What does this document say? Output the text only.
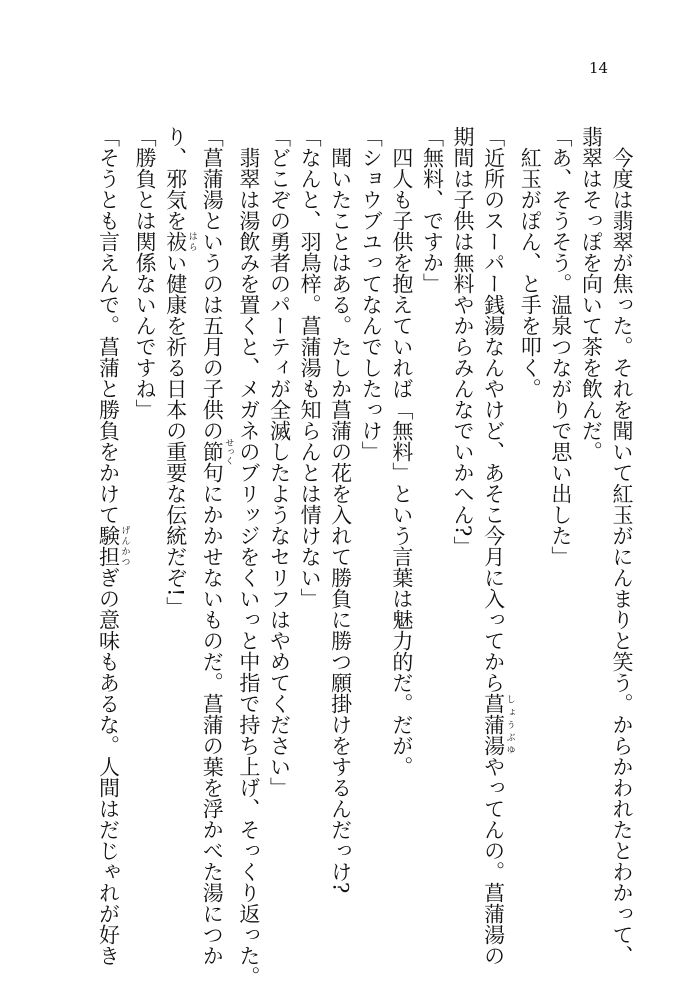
14
　今度は翡翠が焦った。それを聞いて紅玉がにんまりと笑う。からかわれたとわかって、
翡翠はそっぽを向いて茶を飲んだ。
「あ、そうそう。温泉つながりで思い出した」
　紅玉がぽん、と手を叩く。
「近所のスーパー銭湯なんやけど、あそこ今月に入ってから菖蒲湯 しょうぶゆやってんの。菖蒲湯の
期間は子供は無料やからみんなでいかへん?」
「無料、ですか」
　四人も子供を抱えていれば「無料」という言葉は魅力的だ。だが。
「ショウブユってなんでしたっけ」
　聞いたことはある。たしか菖蒲の花を入れて勝負に勝つ願掛けをするんだっけ?
「なんと、羽鳥梓。菖蒲湯も知らんとは情けない」
「どこぞの勇者のパーティが全滅したようなセリフはやめてください」
　翡翠は湯飲みを置くと、メガネのブリッジをくいっと中指で持ち上げ、そっくり返った。
「菖蒲湯というのは五月の子供の節 せっく句にかかせないものだ。菖蒲の葉を浮かべた湯につか
り、邪気を祓 はらい健康を祈る日本の重要な伝統だぞ!」
「勝負とは関係ないんですね」
「そうとも言えんで。菖蒲と勝負をかけて験担 げんかつぎの意味もあるな。人間はだじゃれが好き
